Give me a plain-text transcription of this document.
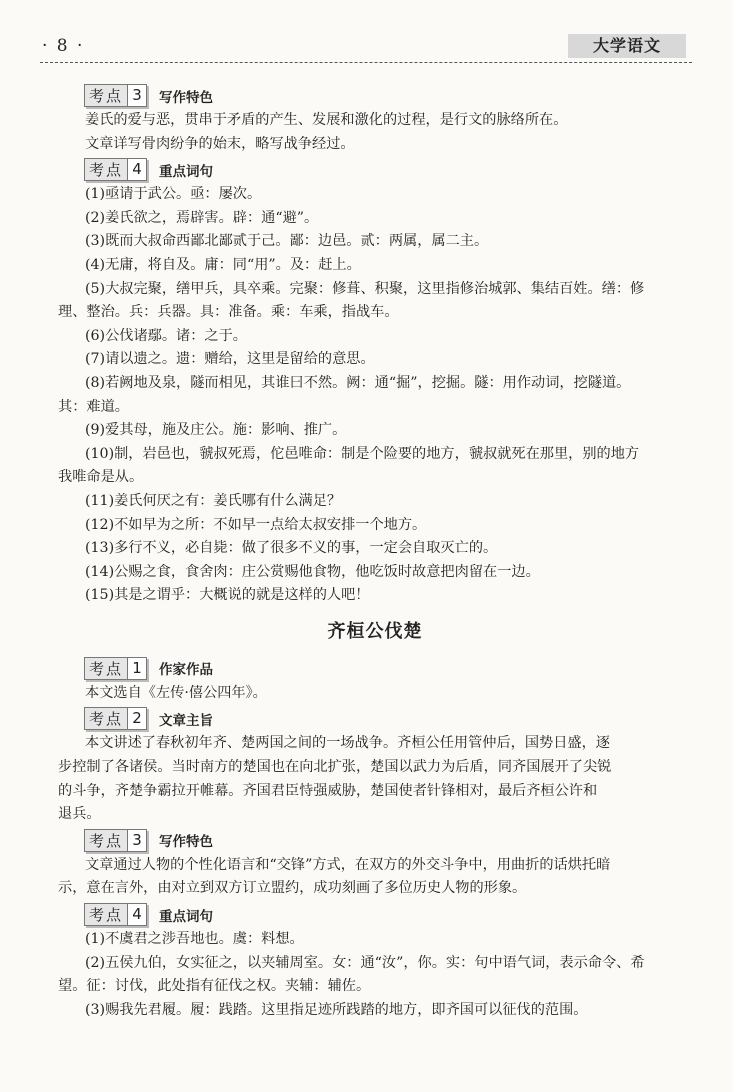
· 8 ·	大学语文
考点 3	写作特色
姜氏的爱与恶，贯串于矛盾的产生、发展和激化的过程，是行文的脉络所在。
文章详写骨肉纷争的始末，略写战争经过。
考点 4	重点词句
(1)亟请于武公。亟：屡次。
(2)姜氏欲之，焉辟害。辟：通“避”。
(3)既而大叔命西鄙北鄙贰于己。鄙：边邑。贰：两属，属二主。
(4)无庸，将自及。庸：同“用”。及：赶上。
(5)大叔完聚，缮甲兵，具卒乘。完聚：修葺、积聚，这里指修治城郭、集结百姓。缮：修
理、整治。兵：兵器。具：准备。乘：车乘，指战车。
(6)公伐诸鄢。诸：之于。
(7)请以遗之。遗：赠给，这里是留给的意思。
(8)若阙地及泉，隧而相见，其谁曰不然。阙：通“掘”，挖掘。隧：用作动词，挖隧道。
其：难道。
(9)爱其母，施及庄公。施：影响、推广。
(10)制，岩邑也，虢叔死焉，佗邑唯命：制是个险要的地方，虢叔就死在那里，别的地方
我唯命是从。
(11)姜氏何厌之有：姜氏哪有什么满足？
(12)不如早为之所：不如早一点给太叔安排一个地方。
(13)多行不义，必自毙：做了很多不义的事，一定会自取灭亡的。
(14)公赐之食，食舍肉：庄公赏赐他食物，他吃饭时故意把肉留在一边。
(15)其是之谓乎：大概说的就是这样的人吧！
齐桓公伐楚
考点 1	作家作品
本文选自《左传·僖公四年》。
考点 2	文章主旨
本文讲述了春秋初年齐、楚两国之间的一场战争。齐桓公任用管仲后，国势日盛，逐
步控制了各诸侯。当时南方的楚国也在向北扩张，楚国以武力为后盾，同齐国展开了尖锐
的斗争，齐楚争霸拉开帷幕。齐国君臣恃强威胁，楚国使者针锋相对，最后齐桓公许和
退兵。
考点 3	写作特色
文章通过人物的个性化语言和“交锋”方式，在双方的外交斗争中，用曲折的话烘托暗
示，意在言外，由对立到双方订立盟约，成功刻画了多位历史人物的形象。
考点 4	重点词句
(1)不虞君之涉吾地也。虞：料想。
(2)五侯九伯，女实征之，以夹辅周室。女：通“汝”，你。实：句中语气词，表示命令、希
望。征：讨伐，此处指有征伐之权。夹辅：辅佐。
(3)赐我先君履。履：践踏。这里指足迹所践踏的地方，即齐国可以征伐的范围。
